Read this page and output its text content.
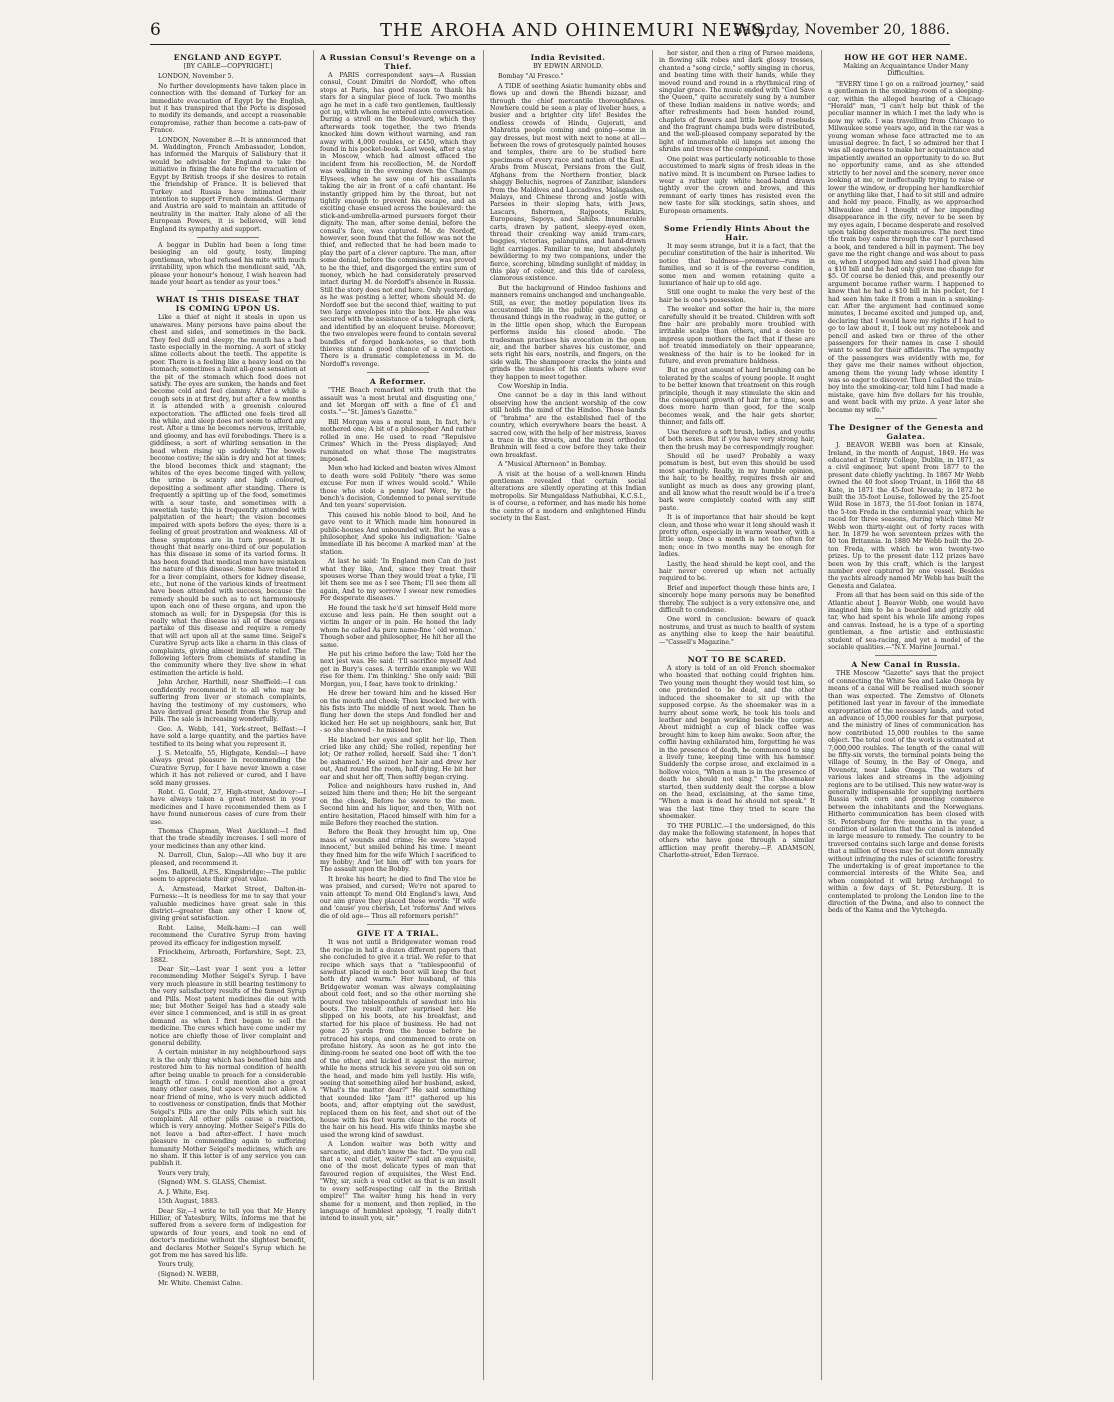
6	THE AROHA AND OHINEMURI NEWS,
Saturday, November 20, 1886.
ENGLAND AND EGYPT.
[BY CABLE—COPYRIGHT.]

LONDON, November 5.

No further developments have taken place in connection with the demand of Turkey for an immediate evacuation of Egypt by the English, but it has transpired that the Porte is disposed to modify its demands, and accept a reasonable compromise, rather than become a cats-paw of France.

LONDON, November 8.—It is announced that M. Waddington, French Ambassador, London, has informed the Marquis of Salisbury that it would be advisable for England to take the initiative in fixing the date for the evacuation of Egypt by British troops if she desires to retain the friendship of France. It is believed that Turkey and Russia have intimated their intention to support French demands. Germany and Austria are said to maintain an attitude of neutrality in the matter. Italy alone of all the European Powers, it is believed, will lend England its sympathy and support.

A beggar in Dublin had been a long time besieging an old gouty, testy, limping gentleman, who had refused his mite with much irritability, upon which the mendicant said, "Ah, please your honour's honour, I wish heaven had made your heart as tender as your toes."

WHAT IS THIS DISEASE THAT IS COMING UPON US.

Like a thief at night it steals in upon us unawares. Many persons have pains about the chest and sides, and sometimes in the back. They feel dull and sleepy; the mouth has a bad taste especially in the morning. A sort of sticky slime collects about the teeth. The appetite is poor. There is a feeling like a heavy load on the stomach; sometimes a faint all-gone sensation at the pit of the stomach which food does not satisfy. The eyes are sunken, the hands and feet become cold and feel clammy. After a while a cough sets in at first dry, but after a few months it is attended with a greenish coloured expectoration. The afflicted one feels tired all the while, and sleep does not seem to afford any rest. After a time he becomes nervous, irritable, and gloomy, and has evil forebodings. There is a giddiness, a sort of whirling sensation in the head when rising up suddenly. The bowels become costive; the skin is dry and hot at times; the blood becomes thick and stagnant; the whites of the eyes become tinged with yellow, the urine is scanty and high coloured, depositing a sediment after standing. There is frequently a spitting up of the food, sometimes with a sour taste, and sometimes with a sweetish taste; this is frequently attended with palpitation of the heart; the vision becomes impaired with spots before the eyes; there is a feeling of great prostration and weakness. All of these symptoms are in turn present. It is thought that nearly one-third of our population has this disease in some of its varied forms. It has been found that medical men have mistaken the nature of this disease. Some have treated it for a liver complaint, others for kidney disease, etc., but none of the various kinds of treatment have been attended with success, because the remedy should be such as to act harmoniously upon each one of these organs, and upon the stomach as well; for in Dyspepsia (for this is really what the disease is) all of these organs partake of this disease and require a remedy that will act upon all at the same time. Seigel's Curative Syrup acts like a charm in this class of complaints, giving almost immediate relief. The following letters from chemists of standing in the community where they live show in what estimation the article is held.

John Archer, Harthill, near Sheffield:—I can confidently recommend it to all who may be suffering from liver or stomach complaints, having the testimony of my customers, who have derived great benefit from the Syrup and Pills. The sale is increasing wonderfully.

Geo. A. Webb, 141, York-street, Belfast:—I have sold a large quantity, and the parties have testified to its being what you represent it.

J. S. Metcalfe, 55, Highgate, Kendal:—I have always great pleasure in recommending the Curative Syrup, for I have never known a case which it has not relieved or cured, and I have sold many grosses.

Robt. G. Gould, 27, High-street, Andover:—I have always taken a great interest in your medicines and I have recommended them as I have found numerous cases of cure from their use.

Thomas Chapman, West Auckland:—I find that the trade steadily increases. I sell more of your medicines than any other kind.

N. Darroll, Clun, Salop:—All who buy it are pleased, and recommend it.

Jos. Balkwill, A.P.S., Kingsbridge:—The public seem to appreciate their great value.

A. Armstead, Market Street, Dalton-in-Furness:—It is needless for me to say that your valuable medicines have great sale in this district—greater than any other I know of, giving great satisfaction.

Robt. Laine, Melk-ham:—I can well recommend the Curative Syrup from having proved its efficacy for indigestion myself.

Friockheim, Arbroath, Forfarshire, Sept. 23, 1882.

Dear Sir,—Last year I sent you a letter recommending Mother Seigel's Syrup. I have very much pleasure in still bearing testimony to the very satisfactory results of the famed Syrup and Pills. Most patent medicines die out with me; but Mother Seigel has had a steady sale ever since I commenced, and is still in as great demand as when I first began to sell the medicine. The cures which have come under my notice are chiefly those of liver complaint and general debility.

A certain minister in my neighbourhood says it is the only thing which has benefited him and restored him to his normal condition of health after being unable to preach for a considerable length of time. I could mention also a great many other cases, but space would not allow. A near friend of mine, who is very much addicted to costiveness or constipation, finds that Mother Seigel's Pills are the only Pills which suit his complaint. All other pills cause a reaction, which is very annoying. Mother Seigel's Pills do not leave a bad after-effect. I have much pleasure in commending again to suffering humanity Mother Seigel's medicines, which are no sham. If this letter is of any service you can publish it.

Yours very truly,

(Signed) WM. S. GLASS, Chemist.

A. J. White, Esq.

15th August, 1883.

Dear Sir,—I write to tell you that Mr Henry Hillier, of Yatesbury, Wilts, informs me that he suffered from a severe form of indigestion for upwards of four years, and took no end of doctor's medicine without the slightest benefit, and declares Mother Seigel's Syrup which he got from me has saved his life.

Yours truly,

(Signed) N. WEBB,

Mr. White. Chemist Calne.

A Russian Consul's Revenge on a Thief.

A PARIS correspondent says—A Russian consul, Count Dimitri de Nordoff, who often stops at Paris, has good reason to thank his stars for a singular piece of luck. Two months ago he met in a café two gentlemen, faultlessly got up, with whom he entered into conversation. During a stroll on the Boulevard, which they afterwards took together, the two friends knocked him down without warning, and ran away with 4,000 roubles, or £450, which they found in his pocket-book. Last week, after a stay in Moscow, which had almost effaced the incident from his recollection, M. de Nordoff was walking in the evening down the Champs Elysees, when he saw one of his assailants taking the air in front of a café chantant. He instantly gripped him by the throat, but not tightly enough to prevent his escape, and an exciting chase ensued across the boulevard: the stick-and-umbrella-armed pursuers forgot their dignity. The man, after some denial, before the consul's face, was captured. M. de Nordoff, however, soon found that the fellow was not the thief, and reflected that he had been made to play the part of a clever capture. The man, after some denial, before the commissary, was proved to be the thief, and disgorged the entire sum of money, which he had considerately preserved intact during M. de Nordoff's absence in Russia. Still the story does not end here. Only yesterday, as he was posting a letter, whom should M. de Nordoff see but the second thief, waiting to put two large envelopes into the box. He also was secured with the assistance of a telegraph clerk, and identified by an eloquent bruise. Moreover, the two envelopes were found to contain several bundles of forged bank-notes, so that both thieves stand a good chance of a conviction. There is a dramatic completeness in M. de Nordoff's revenge.

A Reformer.

"THE Beach remarked with truth that the assault was 'a most brutal and disgusting one,' and let Morgan off with a fine of £1 and costs."—"St. James's Gazette."

Bill Morgan was a moral man, In fact, he's mothered one; A bit of a philosopher And rather rolled in one. He used to read "Repulsive Crimes" Which in the Press displayed; And ruminated on what those The magistrates imposed.

Men who had kicked and beaten wives Almost to death were sold Politely "there was some excuse For men if wives would scold." While those who stole a penny loaf Were, by the bench's decision, Condemned to penal servitude And ten years' supervision.

This caused his noble blood to boil, And he gave vent to it Which made him honoured in public-houses And unbounded wit. But he was a philosopher, And spoke his indignation: 'Galne immediate ill his become A marked man' at the station.

At last he said: 'In England men Can do just what they like, And, since they treat their spouses worse Than they would treat a tyke, I'll let them see me as I see Them; I'll see them all again, And to my sorrow I swear new remedies For desperate diseases.'

He found the task he'd set himself Held more excuse and less pain. He then sought out a victim In anger or in pain. He honed the lady whom he called As pure name-fine ' old woman.' Though sober and philosopher, He hit her all the same.

He put his crime before the law; Told her the next jest was. He said: 'I'll sacrifice myself And get in Bury's cases. A terrible example we Will rise for them. I'm thinking.' She only said: 'Bill Morgan, you, I fear, have took to drinking.'

He drew her toward him and he kissed Her on the mouth and cheek; Then knocked her with his fists into The middle of next week. Then he flung her down the steps And fondled her and kicked her. He set up neighbours, sank her, But - so she showed - he missed her.

He blacked her eyes and split her lip, Then cried like any child; She rolled, repenting her lot; Or rather rolled, herself. Said she: 'I don't be ashamed.' He seized her hair and drew her out, And round the room, half dying, He bit her ear and shut her off, Then softly began crying.

Police and neighbours have rushed in, And seized him there and then; He bit the sergeant on the cheek, Before he swore to the men. Second him and his liquor, and then, With not entire hesitation, Placed himself with him for a mile Before they reached the station.

Before the Beak they brought him up, One mass of wounds and crime; He swore 'stayed innocent,' but smiled behind his time. I meant they fined him for the wife Which I sacrificed to my hobby; And 'let him off' with ten years for The assault upon the Bobby.

It broke his heart; he died to find The vice he was praised, and cursed; We're not spared to vain attempt To mend Old England's laws, And our aim grave they placed these words: "If wife and 'cause' you cherish, Let 'reforms' And wives die of old age— Thus all reformers perish!"

GIVE IT A TRIAL.

It was not until a Bridgewater woman read the recipe in half a dozen different papers that she concluded to give it a trial. We refer to that recipe which says that a "tablespoonful of sawdust placed in each boot will keep the feet both dry and warm." Her husband, of this Bridgewater woman was always complaining about cold feet, and so the other morning she poured two tablespoonfuls of sawdust into his boots. The result rather surprised her. He slipped on his boots, ate his breakfast, and started for his place of business. He had not gone 25 yards from the house before he retraced his steps, and commenced to orate on profane history. As soon as he got into the dining-room he seated one boot off with the toe of the other, and kicked it against the mirror, while he mens struck his severe you old son on the head, and made him yell lustily. His wife, seeing that something ailed her husband, asked, "What's the matter dear?" He said something that sounded like "Jam it!" gathered up his boots, and, after emptying out the sawdust, replaced them on his feet, and shot out of the house with his feet warm clear to the roots of the hair on his head. His wife thinks maybe she used the wrong kind of sawdust.

A London waiter was both witty and sarcastic, and didn't know the fact. "Do you call that a veal cutlet, waiter?" said an exquisite, one of the most delicate types of man that favoured region of exquisites, the West End. "Why, sir, such a veal cutlet as that is an insult to every self-respecting calf in the British empire!" The waiter hung his head in very shame for a moment, and then replied, in the language of humblest apology, "I really didn't intend to insult you, sir."

India Revisited.
BY EDWIN ARNOLD.

Bombay "Al Fresco."

A TIDE of seething Asiatic humanity ebbs and flows up and down the Bhendi bazaar, and through the chief mercantile thoroughfares. Nowhere could be seen a play of livelier hues, a busier and a brighter city life! Besides the endless crowds of Hindu, Gujerati, and Mahratta people coming and going—some in gay dresses, but most with next to none at all—between the rows of grotesquely painted houses and temples, there are to be studied here specimens of every race and nation of the East. Arabs from Muscat, Persians from the Gulf, Afghans from the Northern frontier, black shaggy Beluchis, negroes of Zanzibar, islanders from the Maldives and Laccadives, Malagashes, Malays, and Chinese throng and jostle with Parsees in their sloping hats, with Jews, Lascars, fishermen, Rajpoots, Fakirs, Europeans, Sepoys, and Sahibs. Innumerable carts, drawn by patient, sleepy-eyed oxen, thread their creaking way amid tram-cars, buggies, victorias, palanquins, and hand-drawn light carriages. Familiar to me, but absolutely bewildering to my two companions, under the fierce, scorching, blinding sunlight of midday, in this play of colour, and this tide of careless, clamorous existence.

But the background of Hindoo fashions and manners remains unchanged and unchangeable. Still, as ever, the motley population lives its accustomed life in the public gaze, doing a thousand things in the roadway, in the gutter, or in the little open shop, which the European performs inside his closed abode. The tradesman practises his avocation in the open air, and the barber shaves his customer, and sets right his ears, nostrils, and fingers, on the side walk. The shampooer cracks the joints and grinds the muscles of his clients where ever they happen to meet together.

Cow Worship in India.

One cannot be a day in this land without observing how the ancient worship of the cow still holds the mind of the Hindoo. Those bands of "brahma" are the established fuel of the country, which everywhere bears the beast. A sacred cow, with the help of her mistress, leaves a trace in the streets, and the most orthodox Brahmin will feed a cow before they take their own breakfast.

A "Musical Afternoon" in Bombay.

A visit at the house of a well-known Hindu gentleman revealed that certain social alterations are silently operating at this Indian metropolis. Sir Mungaldass Nathubhai, K.C.S.I., is of course, a reformer, and has made his home the centre of a modern and enlightened Hindu society in the East.

her sister, and then a ring of Parsee maidens, in flowing silk robes and dark glossy tresses, chanted a "song circle," softly singing in chorus, and beating time with their hands, while they moved round and round in a rhythmical ring of singular grace. The music ended with "God Save the Queen," quite accurately sung by a number of these Indian maidens in native words; and after refreshments had been handed round, chaplets of flowers and little bells of rosebuds and the fragrant champa buds were distributed, and the well-pleased company separated by the light of innumerable oil lamps set among the shrubs and trees of the compound.

One point was particularly noticeable to those accustomed to mark signs of fresh ideas in the native mind. It is incumbent on Parsee ladies to wear a rather ugly white head-band drawn tightly over the crown and brows, and this remnant of early times has resisted even the new taste for silk stockings, satin shoes, and European ornaments.

Some Friendly Hints About the Hair.

It may seem strange, but it is a fact, that the peculiar constitution of the hair is inherited. We notice that baldness—premature—runs in families, and so it is of the reverse condition, some men and women retaining quite a luxuriance of hair up to old age.

Still one ought to make the very best of the hair he is one's possession.

The weaker and softer the hair is, the more carefully should it be treated. Children with soft fine hair are probably more troubled with irritable scalps than others, and a desire to impress upon mothers the fact that if these are not treated immediately on their appearance, weakness of the hair is to be looked for in future, and even premature baldness.

But no great amount of hard brushing can be tolerated by the scalps of young people. It ought to be better known that treatment on this rough principle, though it may stimulate the skin and the consequent growth of hair for a time, soon does more harm than good, for the scalp becomes weak, and the hair gets shorter, thinner, and falls off.

Use therefore a soft brush, ladies, and youths of both sexes. But if you have very strong hair, then the brush may be correspondingly rougher.

Should oil be used? Probably a waxy pomatum is best, but even this should be used most sparingly. Really, in my humble opinion, the hair, to be healthy, requires fresh air and sunlight as much as does any growing plant, and all know what the result would be if a tree's bark were completely coated with any stiff paste.

It is of importance that hair should be kept clean, and those who wear it long should wash it pretty often, especially in warm weather, with a little soap. Once a month is not too often for men; once in two months may be enough for ladies.

Lastly, the head should be kept cool, and the hair never covered up when not actually required to be.

Brief and imperfect though these hints are, I sincerely hope many persons may be benefited thereby. The subject is a very extensive one, and difficult to condense.

One word in conclusion: beware of quack nostrums, and trust as much to health of system as anything else to keep the hair beautiful.—"Cassell's Magazine."

NOT TO BE SCARED.

A story is told of an old French shoemaker who boasted that nothing could frighten him. Two young men thought they would test him, so one pretended to be dead, and the other induced the shoemaker to sit up with the supposed corpse. As the shoemaker was in a hurry about some work, he took his tools and leather and began working beside the corpse. About midnight a cup of black coffee was brought him to keep him awake. Soon after, the coffin having exhilarated him, forgetting he was in the presence of death, he commenced to sing a lively tune, keeping time with his hammer. Suddenly the corpse arose, and exclaimed in a hollow voice, "When a man is in the presence of death he should not sing." The shoemaker started, then suddenly dealt the corpse a blow on the head, exclaiming, at the same time, "When a man is dead he should not speak." It was the last time they tried to scare the shoemaker.

TO THE PUBLIC.—I the undersigned, do this day make the following statement, in hopes that others who have gone through a similar affliction may profit thereby.—F. ADAMSON, Charlotte-street, Eden Terrace.

HOW HE GOT HER NAME.
Making an Acquaintance Under Many Difficulties.

"EVERY time I go on a railroad journey," said a gentleman in the smoking-room of a sleeping-car, within the alleged hearing of a Chicago "Herald" man, "I can't help but think of the peculiar manner in which I met the lady who is now my wife. I was travelling from Chicago to Milwaukee some years ago, and in the car was a young woman whose face attracted me to an unusual degree. In fact, I so admired her that I was all eagerness to make her acquaintance and impatiently awaited an opportunity to do so. But no opportunity came, and as she attended strictly to her novel and the scenery, never once looking at me, or ineffectually trying to raise or lower the window, or dropping her handkerchief or anything like that, I had to sit still and admire and hold my peace. Finally, as we approached Milwaukee and I thought of her impending disappearance in the city, never to be seen by my eyes again, I became desperate and resolved upon taking desperate measures. The next time the train boy came through the car I purchased a book, and tendered a bill in payment. The boy gave me the right change and was about to pass on, when I stopped him and said I had given him a $10 bill and he had only given me change for $5. Of course he denied this, and presently our argument became rather warm. I happened to know that he had a $10 bill in his pocket, for I had seen him take it from a man in a smoking-car. After the argument had continued some minutes, I became excited and jumped up, and, declaring that I would have my rights if I had to go to law about it, I took out my notebook and pencil and asked two or three of the other passengers for their names in case I should want to send for their affidavits. The sympathy of the passengers was evidently with me, for they gave me their names without objection, among them the young lady whose identity I was so eager to discover. Then I called the train-boy into the smoking-car, told him I had made a mistake, gave him five dollars for his trouble, and went back with my prize. A year later she became my wife."

The Designer of the Genesta and Galatea.

J. BEAVOR WEBB was born at Kinsale, Ireland, in the month of August, 1849. He was educated at Trinity College, Dublin, in 1871, as a civil engineer, but spent from 1877 to the present date chiefly yachting. In 1867 Mr Webb owned the 40 foot sloop Truant, in 1868 the 48 Kate, in 1871 the 45-foot Nevada; in 1872 he built the 35-foot Louise, followed by the 25-foot Wild Rose in 1873, the 51-foot Ionian in 1874, the 5-ton Freda in the centennial year, which he raced for three seasons, during which time Mr Webb won thirty-eight out of forty races with her. In 1879 he won seventeen prizes with the 40 ton Britannia. In 1880 Mr Webb built the 20-ton Freda, with which he won twenty-two prizes. Up to the present date 112 prizes have been won by this craft, which is the largest number ever captured by one vessel. Besides the yachts already named Mr Webb has built the Genesta and Galatea.

From all that has been said on this side of the Atlantic about J. Beavor Webb, one would have imagined him to be a bearded and grizzly old tar, who had spent his whole life among ropes and canvas. Instead, he is a type of a sporting gentleman, a fine artistic and enthusiastic student of sea-racing, and yet a model of the sociable qualities.—"N.Y. Marine Journal."

A New Canal in Russia.

THE Moscow "Gazette" says that the project of connecting the White Sea and Lake Onega by means of a canal will be realised much sooner than was expected. The Zemstvo of Olonets petitioned last year in favour of the immediate expropriation of the necessary lands, and voted an advance of 15,000 roubles for that purpose, and the ministry of lines of communication has now contributed 15,000 roubles to the same object. The total cost of the work is estimated at 7,000,000 roubles. The length of the canal will be fifty-six versts, the terminal points being the village of Soumy, in the Bay of Onega, and Povenetz, near Lake Onega. The waters of various lakes and streams in the adjoining regions are to be utilised. This new water-way is generally indispensable for supplying northern Russia with corn and promoting commerce between the inhabitants and the Norwegians. Hitherto communication has been closed with St. Petersburg for five months in the year, a condition of isolation that the canal is intended in large measure to remedy. The country to be traversed contains such large and dense forests that a million of trees may be cut down annually without infringing the rules of scientific forestry. The undertaking is of great importance to the commercial interests of the White Sea, and when completed it will bring Archangel to within a few days of St. Petersburg. It is contemplated to prolong the London line to the direction of the Dwina, and also to connect the beds of the Kama and the Vytchegda.
